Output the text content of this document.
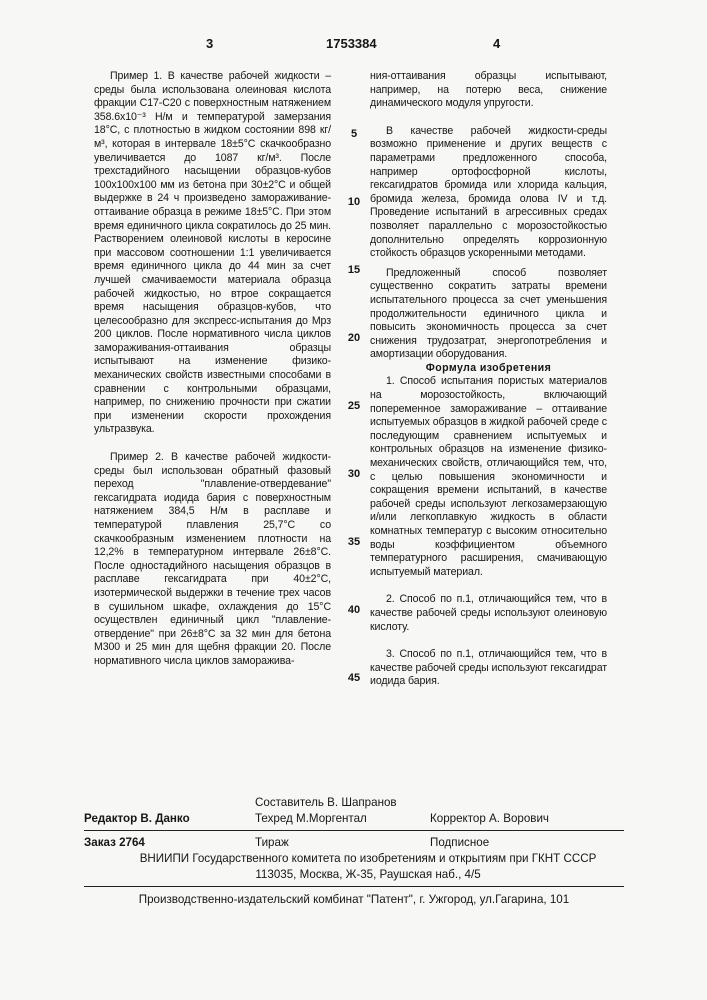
3	1753384	4

Пример 1. В качестве рабочей жидкости – среды была использована олеиновая кислота фракции C17-C20 с поверхностным натяжением 358.6x10⁻³ Н/м и температурой замерзания 18°С, с плотностью в жидком состоянии 898 кг/м³, которая в интервале 18±5°С скачкообразно увеличивается до 1087 кг/м³. После трехстадийного насыщении образцов-кубов 100x100x100 мм из бетона при 30±2°С и общей выдержке в 24 ч произведено замораживание-оттаивание образца в режиме 18±5°С. При этом время единичного цикла сократилось до 25 мин. Растворением олеиновой кислоты в керосине при массовом соотношении 1:1 увеличивается время единичного цикла до 44 мин за счет лучшей смачиваемости материала образца рабочей жидкостью, но втрое сокращается время насыщения образцов-кубов, что целесообразно для экспресс-испытания до Мрз 200 циклов. После нормативного числа циклов замораживания-оттаивания образцы испытывают на изменение физико-механических свойств известными способами в сравнении с контрольными образцами, например, по снижению прочности при сжатии при изменении скорости прохождения ультразвука.

Пример 2. В качестве рабочей жидкости-среды был использован обратный фазовый переход "плавление-отвердевание" гексагидрата иодида бария с поверхностным натяжением 384,5 Н/м в расплаве и температурой плавления 25,7°С со скачкообразным изменением плотности на 12,2% в температурном интервале 26±8°С. После одностадийного насыщения образцов в расплаве гексагидрата при 40±2°С, изотермической выдержки в течение трех часов в сушильном шкафе, охлаждения до 15°С осуществлен единичный цикл "плавление-отвердение" при 26±8°С за 32 мин для бетона М300 и 25 мин для щебня фракции 20. После нормативного числа циклов заморажива-

5
10
15
20
25
30
35
40
45

ния-оттаивания образцы испытывают, например, на потерю веса, снижение динамического модуля упругости.

В качестве рабочей жидкости-среды возможно применение и других веществ с параметрами предложенного способа, например ортофосфорной кислоты, гексагидратов бромида или хлорида кальция, бромида железа, бромида олова IV и т.д. Проведение испытаний в агрессивных средах позволяет параллельно с морозостойкостью дополнительно определять коррозионную стойкость образцов ускоренными методами.

Предложенный способ позволяет существенно сократить затраты времени испытательного процесса за счет уменьшения продолжительности единичного цикла и повысить экономичность процесса за счет снижения трудозатрат, энергопотребления и амортизации оборудования.

Формула изобретения

1. Способ испытания пористых материалов на морозостойкость, включающий попеременное замораживание – оттаивание испытуемых образцов в жидкой рабочей среде с последующим сравнением испытуемых и контрольных образцов на изменение физико-механических свойств, отличающийся тем, что, с целью повышения экономичности и сокращения времени испытаний, в качестве рабочей среды используют легкозамерзающую и/или легкоплавкую жидкость в области комнатных температур с высоким относительно воды коэффициентом объемного температурного расширения, смачивающую испытуемый материал.

2. Способ по п.1, отличающийся тем, что в качестве рабочей среды используют олеиновую кислоту.

3. Способ по п.1, отличающийся тем, что в качестве рабочей среды используют гексагидрат иодида бария.

Составитель В. Шапранов
Редактор В. Данко	Техред М.Моргентал	Корректор А. Ворович
Заказ 2764	Тираж	Подписное
ВНИИПИ Государственного комитета по изобретениям и открытиям при ГКНТ СССР
113035, Москва, Ж-35, Раушская наб., 4/5
Производственно-издательский комбинат "Патент", г. Ужгород, ул.Гагарина, 101
